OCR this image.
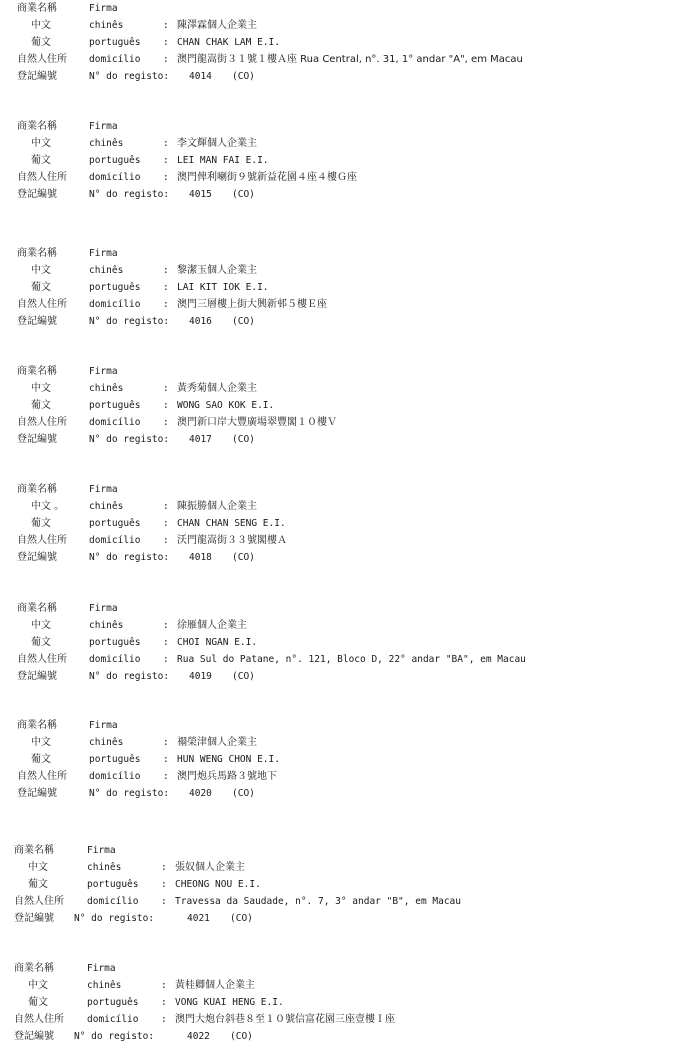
商業名稱	Firma
中文	chinês	: 陳澤霖個人企業主
葡文	português : CHAN CHAK LAM E.I.
自然人住所 domicílio : 澳門龍嵩街３１號１樓Ａ座 Rua Central, n°. 31, 1° andar "A", em Macau
登記編號	N° do registo: 4014 (CO)
商業名稱	Firma
中文	chinês	: 李文輝個人企業主
葡文	português : LEI MAN FAI E.I.
自然人住所 domicílio : 澳門俾利喇街９號新益花園４座４樓Ｇ座
登記編號	N° do registo: 4015 (CO)
商業名稱	Firma
中文	chinês	: 黎潔玉個人企業主
葡文	português : LAI KIT IOK E.I.
自然人住所 domicílio : 澳門三層樓上街大興新邨５樓Ｅ座
登記編號	N° do registo: 4016 (CO)
商業名稱	Firma
中文	chinês	: 黃秀菊個人企業主
葡文	português : WONG SAO KOK E.I.
自然人住所 domicílio : 澳門新口岸大豐廣場翠豐閣１０樓Ｖ
登記編號	N° do registo: 4017 (CO)
商業名稱	Firma
中文 。	chinês	: 陳振勝個人企業主
葡文	português : CHAN CHAN SENG E.I.
自然人住所 domicílio : 沃門龍嵩街３３號閣樓Ａ
登記編號	N° do registo: 4018 (CO)
商業名稱	Firma
中文	chinês	: 徐雁個人企業主
葡文	português : CHOI NGAN E.I.
自然人住所 domicílio : Rua Sul do Patane, n°. 121, Bloco D, 22° andar "BA", em Macau
登記編號	N° do registo: 4019 (CO)
商業名稱	Firma
中文	chinês	: 禤榮津個人企業主
葡文	português : HUN WENG CHON E.I.
自然人住所 domicílio : 澳門炮兵馬路３號地下
登記編號	N° do registo: 4020 (CO)
商業名稱	Firma
中文	chinês	: 張奴個人企業主
葡文	português : CHEONG NOU E.I.
自然人住所 domicílio : Travessa da Saudade, n°. 7, 3° andar "B", em Macau
登記編號 N° do registo:	4021 (CO)
商業名稱	Firma
中文	chinês	: 黃桂卿個人企業主
葡文	português : VONG KUAI HENG E.I.
自然人住所 domicílio : 澳門大炮台斜巷８至１０號信富花園三座壹樓Ｉ座
登記編號 N° do registo:	4022 (CO)
